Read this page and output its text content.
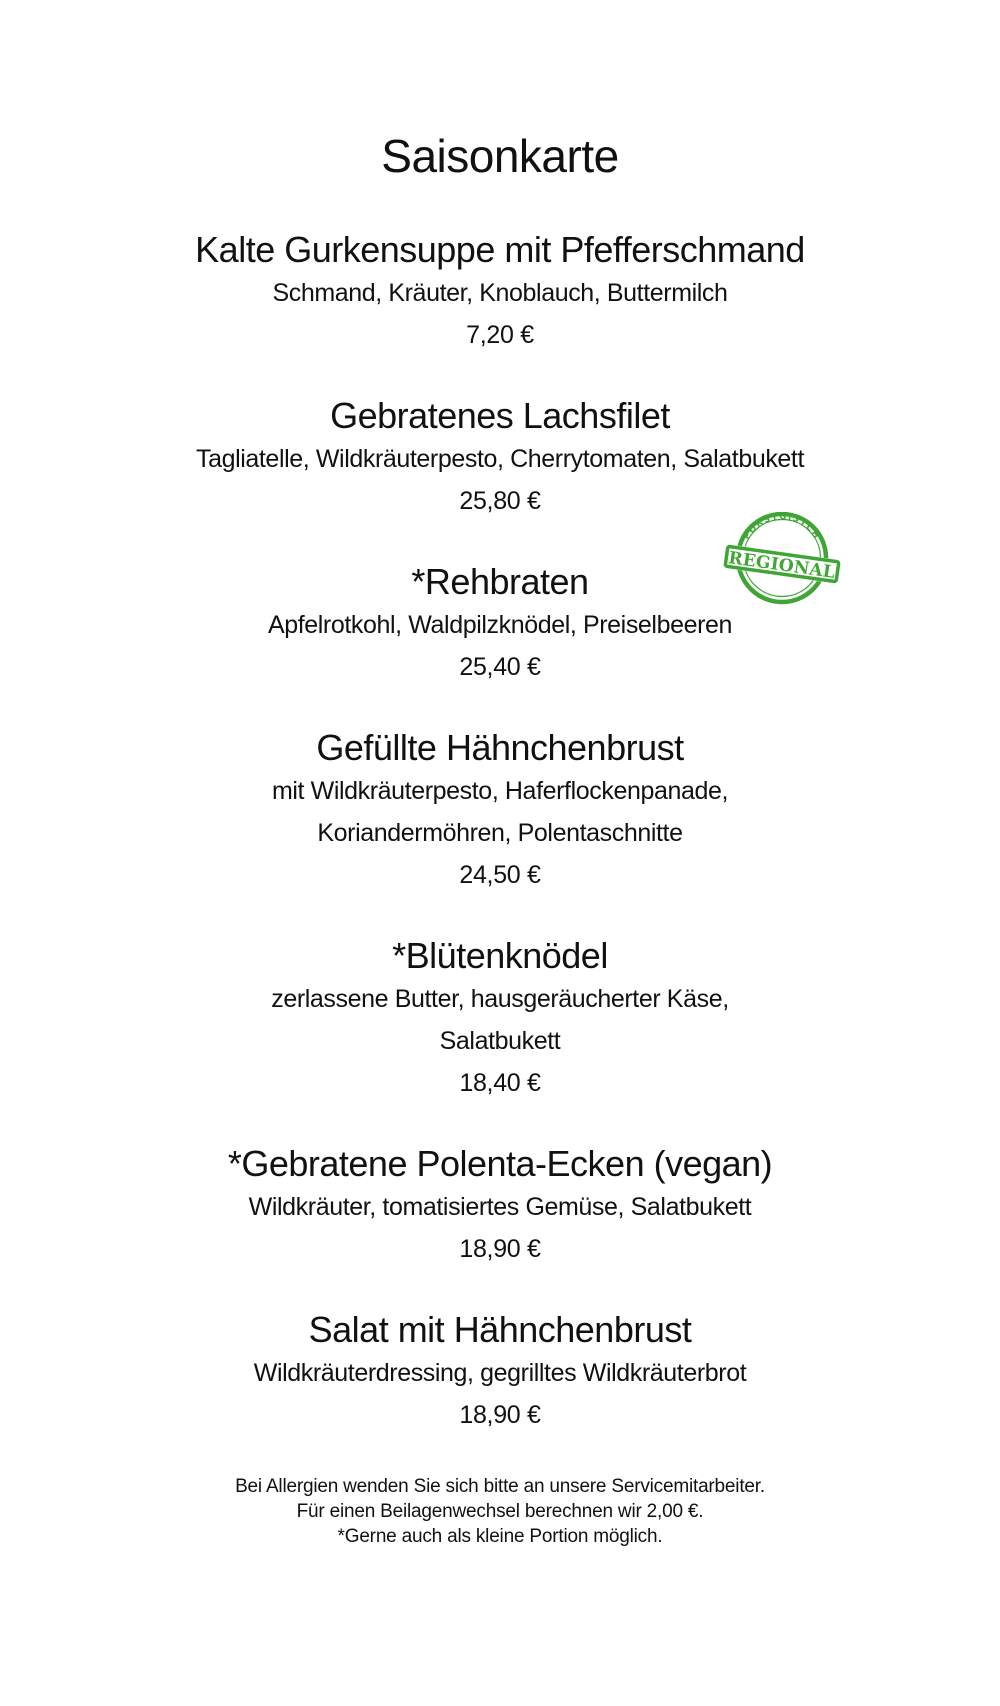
Saisonkarte
Kalte Gurkensuppe mit Pfefferschmand
Schmand, Kräuter, Knoblauch, Buttermilch
7,20 €
Gebratenes Lachsfilet
Tagliatelle, Wildkräuterpesto, Cherrytomaten, Salatbukett
25,80 €
*Rehbraten
Apfelrotkohl, Waldpilzknödel, Preiselbeeren
25,40 €
Gefüllte Hähnchenbrust
mit Wildkräuterpesto, Haferflockenpanade,
Koriandermöhren, Polentaschnitte
24,50 €
*Blütenknödel
zerlassene Butter, hausgeräucherter Käse,
Salatbukett
18,40 €
*Gebratene Polenta-Ecken (vegan)
Wildkräuter, tomatisiertes Gemüse, Salatbukett
18,90 €
Salat mit Hähnchenbrust
Wildkräuterdressing, gegrilltes Wildkräuterbrot
18,90 €
Bei Allergien wenden Sie sich bitte an unsere Servicemitarbeiter.
Für einen Beilagenwechsel berechnen wir 2,00 €.
*Gerne auch als kleine Portion möglich.
FORSTGISTCH
REGIONAL
